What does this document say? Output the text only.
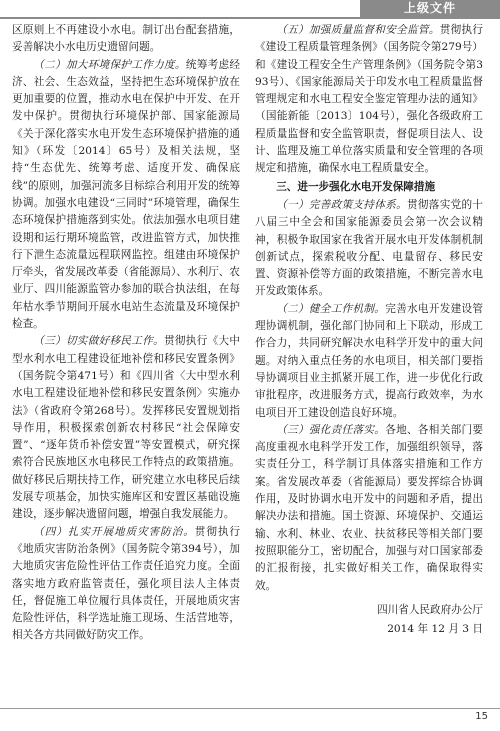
上级文件

区原则上不再建设小水电。制订出台配套措施，妥善解决小水电历史遗留问题。

（二）加大环境保护工作力度。统筹考虑经济、社会、生态效益，坚持把生态环境保护放在更加重要的位置，推动水电在保护中开发、在开发中保护。贯彻执行环境保护部、国家能源局《关于深化落实水电开发生态环境保护措施的通知》（环发〔2014〕65号）及相关法规，坚持“生态优先、统筹考虑、适度开发、确保底线”的原则，加强河流多目标综合利用开发的统筹协调。加强水电建设“三同时”环境管理，确保生态环境保护措施落到实处。依法加强水电项目建设期和运行期环境监管，改进监管方式，加快推行下泄生态流量远程联网监控。组建由环境保护厅牵头，省发展改革委（省能源局）、水利厅、农业厅、四川能源监管办参加的联合执法组，在每年枯水季节期间开展水电站生态流量及环境保护检查。

（三）切实做好移民工作。贯彻执行《大中型水利水电工程建设征地补偿和移民安置条例》（国务院令第471号）和《四川省〈大中型水利水电工程建设征地补偿和移民安置条例〉实施办法》（省政府令第268号）。发挥移民安置规划指导作用，积极探索创新农村移民“社会保障安置”、“逐年货币补偿安置”等安置模式，研究探索符合民族地区水电移民工作特点的政策措施。做好移民后期扶持工作，研究建立水电移民后续发展专项基金，加快实施库区和安置区基础设施建设，逐步解决遗留问题，增强自我发展能力。

（四）扎实开展地质灾害防治。贯彻执行《地质灾害防治条例》（国务院令第394号），加大地质灾害危险性评估工作责任追究力度。全面落实地方政府监管责任，强化项目法人主体责任，督促施工单位履行具体责任，开展地质灾害危险性评估，科学选址施工现场、生活营地等，相关各方共同做好防灾工作。

（五）加强质量监督和安全监管。贯彻执行《建设工程质量管理条例》（国务院令第279号）和《建设工程安全生产管理条例》（国务院令第393号）、《国家能源局关于印发水电工程质量监督管理规定和水电工程安全鉴定管理办法的通知》（国能新能〔2013〕104号），强化各级政府工程质量监督和安全监管职责，督促项目法人、设计、监理及施工单位落实质量和安全管理的各项规定和措施，确保水电工程质量安全。

三、进一步强化水电开发保障措施

（一）完善政策支持体系。贯彻落实党的十八届三中全会和国家能源委员会第一次会议精神，积极争取国家在我省开展水电开发体制机制创新试点，探索税收分配、电量留存、移民安置、资源补偿等方面的政策措施，不断完善水电开发政策体系。

（二）健全工作机制。完善水电开发建设管理协调机制，强化部门协同和上下联动，形成工作合力，共同研究解决水电科学开发中的重大问题。对纳入重点任务的水电项目，相关部门要指导协调项目业主抓紧开展工作，进一步优化行政审批程序，改进服务方式，提高行政效率，为水电项目开工建设创造良好环境。

（三）强化责任落实。各地、各相关部门要高度重视水电科学开发工作，加强组织领导，落实责任分工，科学制订具体落实措施和工作方案。省发展改革委（省能源局）要发挥综合协调作用，及时协调水电开发中的问题和矛盾，提出解决办法和措施。国土资源、环境保护、交通运输、水利、林业、农业、扶贫移民等相关部门要按照职能分工，密切配合，加强与对口国家部委的汇报衔接，扎实做好相关工作，确保取得实效。

四川省人民政府办公厅
2014 年 12 月 3 日
15
